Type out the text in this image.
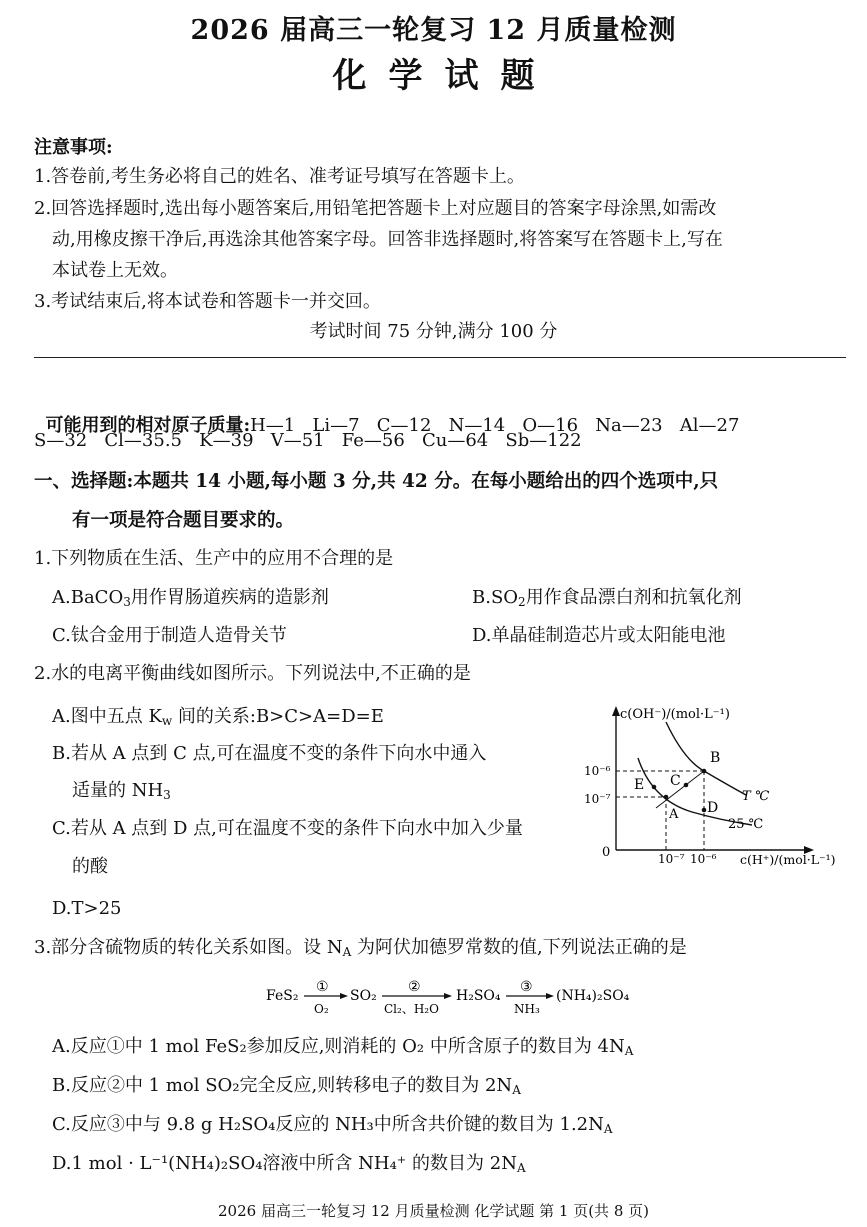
2026 届高三一轮复习 12 月质量检测
化学试题
注意事项:
1.答卷前,考生务必将自己的姓名、准考证号填写在答题卡上。
2.回答选择题时,选出每小题答案后,用铅笔把答题卡上对应题目的答案字母涂黑,如需改
动,用橡皮擦干净后,再选涂其他答案字母。回答非选择题时,将答案写在答题卡上,写在
本试卷上无效。
3.考试结束后,将本试卷和答题卡一并交回。
考试时间 75 分钟,满分 100 分

可能用到的相对原子质量:H—1   Li—7   C—12   N—14   O—16   Na—23   Al—27

S—32   Cl—35.5   K—39   V—51   Fe—56   Cu—64   Sb—122
一、选择题:本题共 14 小题,每小题 3 分,共 42 分。在每小题给出的四个选项中,只
有一项是符合题目要求的。
1.下列物质在生活、生产中的应用不合理的是
A.BaCO$_3$用作胃肠道疾病的造影剂	$B.SO_2$用作食品漂白剂和抗氧化剂
C.钛合金用于制造人造骨关节	D.单晶硅制造芯片或太阳能电池
2.水的电离平衡曲线如图所示。下列说法中,不正确的是
A.图中五点 $K_w$ 间的关系:B>C>A=D=E
B.若从 A 点到 C 点,可在温度不变的条件下向水中通入
适量的 $NH_3$
C.若从 A 点到 D 点,可在温度不变的条件下向水中加入少量
的酸
D.T>25
c(OH⁻)/(mol·L⁻¹)
c(H⁺)/(mol·L⁻¹)
0
10⁻⁶
10⁻⁷
10⁻⁷ 10⁻⁶
A
B
C
D
E
T ℃
25 ℃
3.部分含硫物质的转化关系如图。设 $N_A$ 为阿伏加德罗常数的值,下列说法正确的是
FeS₂
①
O₂
SO₂
②
Cl₂、H₂O
H₂SO₄
③
NH₃
(NH₄)₂SO₄
A.反应①中 1 mol FeS₂参加反应,则消耗的 O₂ 中所含原子的数目为 $4N_A$
B.反应②中 1 mol SO₂完全反应,则转移电子的数目为 $2N_A$
C.反应③中与 9.8 g H₂SO₄反应的 NH₃中所含共价键的数目为 $1.2N_A$
D.1 mol · L⁻¹(NH₄)₂SO₄溶液中所含 NH₄⁺ 的数目为 $2N_A$
2026 届高三一轮复习 12 月质量检测 化学试题 第 1 页(共 8 页)
